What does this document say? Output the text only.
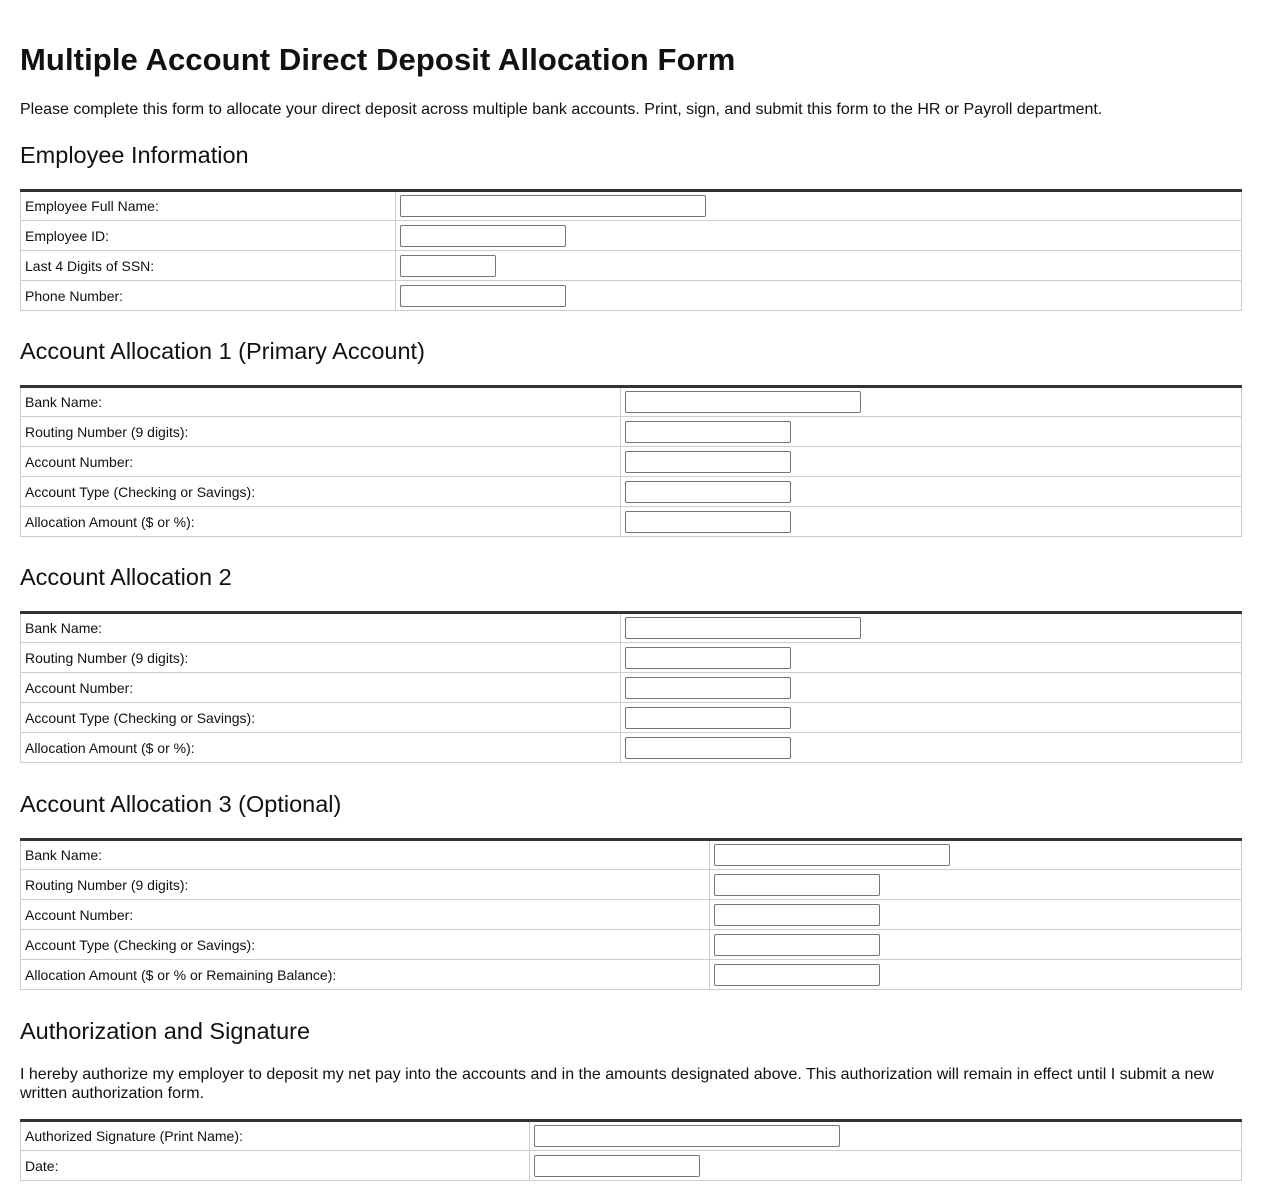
Multiple Account Direct Deposit Allocation Form

Please complete this form to allocate your direct deposit across multiple bank accounts. Print, sign, and submit this form to the HR or Payroll department.

Employee Information
Employee Full Name:	

Employee ID:	

Last 4 Digits of SSN:	

Phone Number:	
Account Allocation 1 (Primary Account)
Bank Name:	

Routing Number (9 digits):	

Account Number:	

Account Type (Checking or Savings):	

Allocation Amount ($ or %):	
Account Allocation 2
Bank Name:	

Routing Number (9 digits):	

Account Number:	

Account Type (Checking or Savings):	

Allocation Amount ($ or %):	
Account Allocation 3 (Optional)
Bank Name:	

Routing Number (9 digits):	

Account Number:	

Account Type (Checking or Savings):	

Allocation Amount ($ or % or Remaining Balance):	
Authorization and Signature

I hereby authorize my employer to deposit my net pay into the accounts and in the amounts designated above. This authorization will remain in effect until I submit a new written authorization form.

Authorized Signature (Print Name):	

Date:	
